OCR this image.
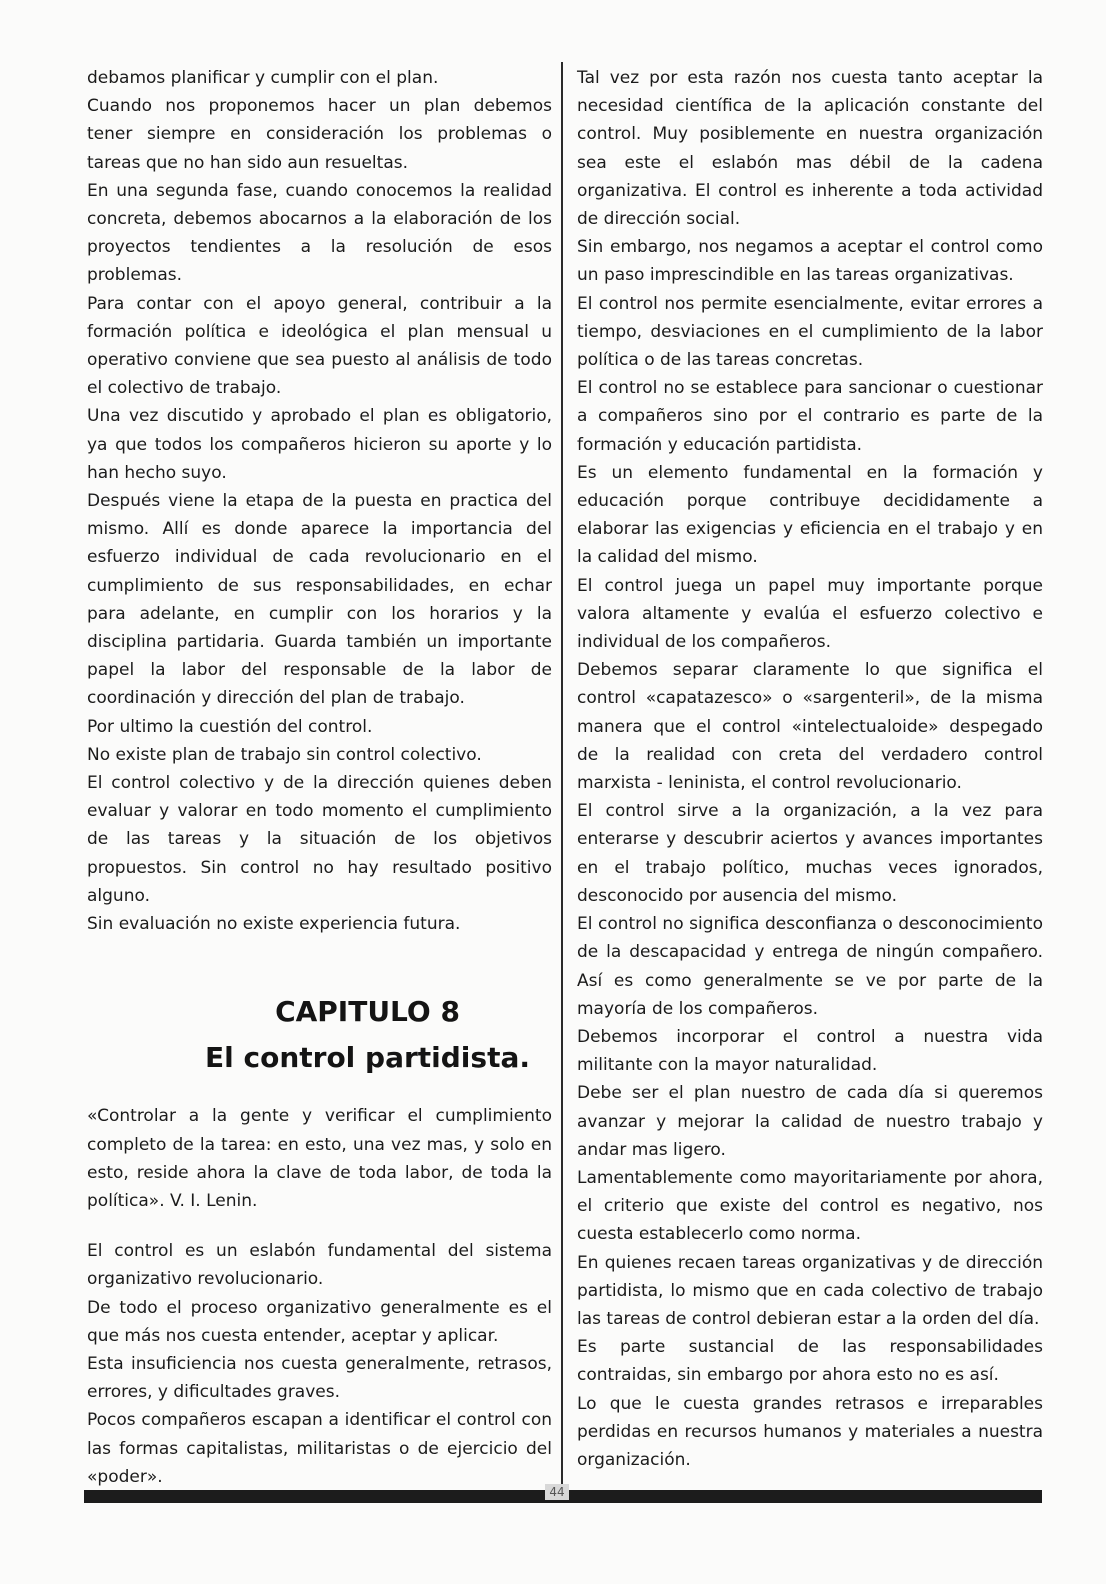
debamos planificar y cumplir con el plan.

Cuando nos proponemos hacer un plan debemos tener siempre en consideración los problemas o tareas que no han sido aun resueltas.

En una segunda fase, cuando conocemos la realidad concreta, debemos abocarnos a la elaboración de los proyectos tendientes a la resolución de esos problemas.

Para contar con el apoyo general, contribuir a la formación política e ideológica el plan mensual u operativo conviene que sea puesto al análisis de todo el colectivo de trabajo.

Una vez discutido y aprobado el plan es obligatorio, ya que todos los compañeros hicieron su aporte y lo han hecho suyo.

Después viene la etapa de la puesta en practica del mismo. Allí es donde aparece la importancia del esfuerzo individual de cada revolucionario en el cumplimiento de sus responsabilidades, en echar para adelante, en cumplir con los horarios y la disciplina partidaria. Guarda también un importante papel la labor del responsable de la labor de coordinación y dirección del plan de trabajo.

Por ultimo la cuestión del control.

No existe plan de trabajo sin control colectivo.

El control colectivo y de la dirección quienes deben evaluar y valorar en todo momento el cumplimiento de las tareas y la situación de los objetivos propuestos. Sin control no hay resultado positivo alguno.

Sin evaluación no existe experiencia futura.

CAPITULO 8
El control partidista.

«Controlar a la gente y verificar el cumplimiento completo de la tarea: en esto, una vez mas, y solo en esto, reside ahora la clave de toda labor, de toda la política». V. I. Lenin.

El control es un eslabón fundamental del sistema organizativo revolucionario.

De todo el proceso organizativo generalmente es el que más nos cuesta entender, aceptar y aplicar.

Esta insuficiencia nos cuesta generalmente, retrasos, errores, y dificultades graves.

Pocos compañeros escapan a identificar el control con las formas capitalistas, militaristas o de ejercicio del «poder».

Tal vez por esta razón nos cuesta tanto aceptar la necesidad científica de la aplicación constante del control. Muy posiblemente en nuestra organización sea este el eslabón mas débil de la cadena organizativa. El control es inherente a toda actividad de dirección social.

Sin embargo, nos negamos a aceptar el control como un paso imprescindible en las tareas organizativas.

El control nos permite esencialmente, evitar errores a tiempo, desviaciones en el cumplimiento de la labor política o de las tareas concretas.

El control no se establece para sancionar o cuestionar a compañeros sino por el contrario es parte de la formación y educación partidista.

Es un elemento fundamental en la formación y educación porque contribuye decididamente a elaborar las exigencias y eficiencia en el trabajo y en la calidad del mismo.

El control juega un papel muy importante porque valora altamente y evalúa el esfuerzo colectivo e individual de los compañeros.

Debemos separar claramente lo que significa el control «capatazesco» o «sargenteril», de la misma manera que el control «intelectualoide» despegado de la realidad con creta del verdadero control marxista - leninista, el control revolucionario.

El control sirve a la organización, a la vez para enterarse y descubrir aciertos y avances importantes en el trabajo político, muchas veces ignorados, desconocido por ausencia del mismo.

El control no significa desconfianza o desconocimiento de la descapacidad y entrega de ningún compañero. Así es como generalmente se ve por parte de la mayoría de los compañeros.

Debemos incorporar el control a nuestra vida militante con la mayor naturalidad.

Debe ser el plan nuestro de cada día si queremos avanzar y mejorar la calidad de nuestro trabajo y andar mas ligero.

Lamentablemente como mayoritariamente por ahora, el criterio que existe del control es negativo, nos cuesta establecerlo como norma.

En quienes recaen tareas organizativas y de dirección partidista, lo mismo que en cada colectivo de trabajo las tareas de control debieran estar a la orden del día.

Es parte sustancial de las responsabilidades contraidas, sin embargo por ahora esto no es así.

Lo que le cuesta grandes retrasos e irreparables perdidas en recursos humanos y materiales a nuestra organización.

44
